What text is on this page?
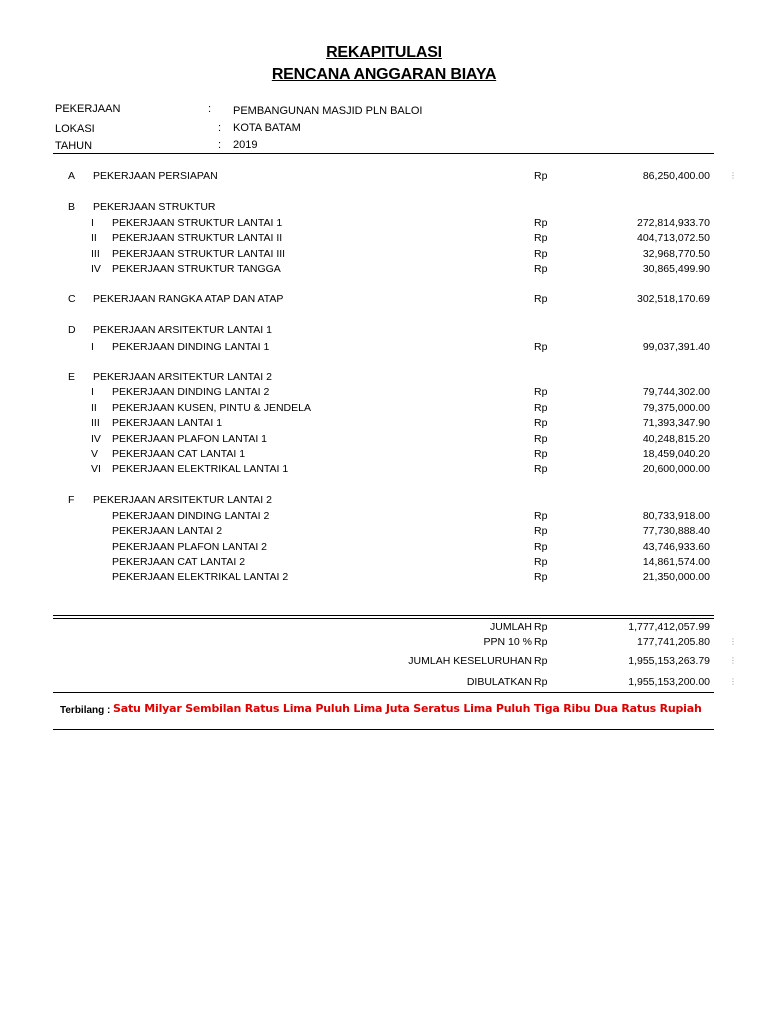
REKAPITULASI
RENCANA ANGGARAN BIAYA
PEKERJAAN	: PEMBANGUNAN MASJID PLN BALOI
LOKASI	: KOTA BATAM
TAHUN	: 2019
A PEKERJAAN PERSIAPAN	Rp	86,250,400.00
B PEKERJAAN STRUKTUR
I PEKERJAAN STRUKTUR LANTAI 1	Rp	272,814,933.70
II PEKERJAAN STRUKTUR LANTAI II	Rp	404,713,072.50
III PEKERJAAN STRUKTUR LANTAI III	Rp	32,968,770.50
IV PEKERJAAN STRUKTUR TANGGA	Rp	30,865,499.90
C PEKERJAAN RANGKA ATAP DAN ATAP	Rp	302,518,170.69
D PEKERJAAN ARSITEKTUR LANTAI 1
I PEKERJAAN DINDING LANTAI 1	Rp	99,037,391.40
E PEKERJAAN ARSITEKTUR LANTAI 2
I PEKERJAAN DINDING LANTAI 2	Rp	79,744,302.00
II PEKERJAAN KUSEN, PINTU & JENDELA	Rp	79,375,000.00
III PEKERJAAN LANTAI 1	Rp	71,393,347.90
IV PEKERJAAN PLAFON LANTAI 1	Rp	40,248,815.20
V PEKERJAAN CAT LANTAI 1	Rp	18,459,040.20
VI PEKERJAAN ELEKTRIKAL LANTAI 1	Rp	20,600,000.00
F PEKERJAAN ARSITEKTUR LANTAI 2
PEKERJAAN DINDING LANTAI 2	Rp	80,733,918.00
PEKERJAAN LANTAI 2	Rp	77,730,888.40
PEKERJAAN PLAFON LANTAI 2	Rp	43,746,933.60
PEKERJAAN CAT LANTAI 2	Rp	14,861,574.00
PEKERJAAN ELEKTRIKAL LANTAI 2	Rp	21,350,000.00
JUMLAH Rp	1,777,412,057.99
PPN 10 % Rp	177,741,205.80
JUMLAH KESELURUHAN Rp	1,955,153,263.79
DIBULATKAN Rp	1,955,153,200.00
⋮
⋮
⋮
⋮
Terbilang : Satu Milyar Sembilan Ratus Lima Puluh Lima Juta Seratus Lima Puluh Tiga Ribu Dua Ratus Rupiah
